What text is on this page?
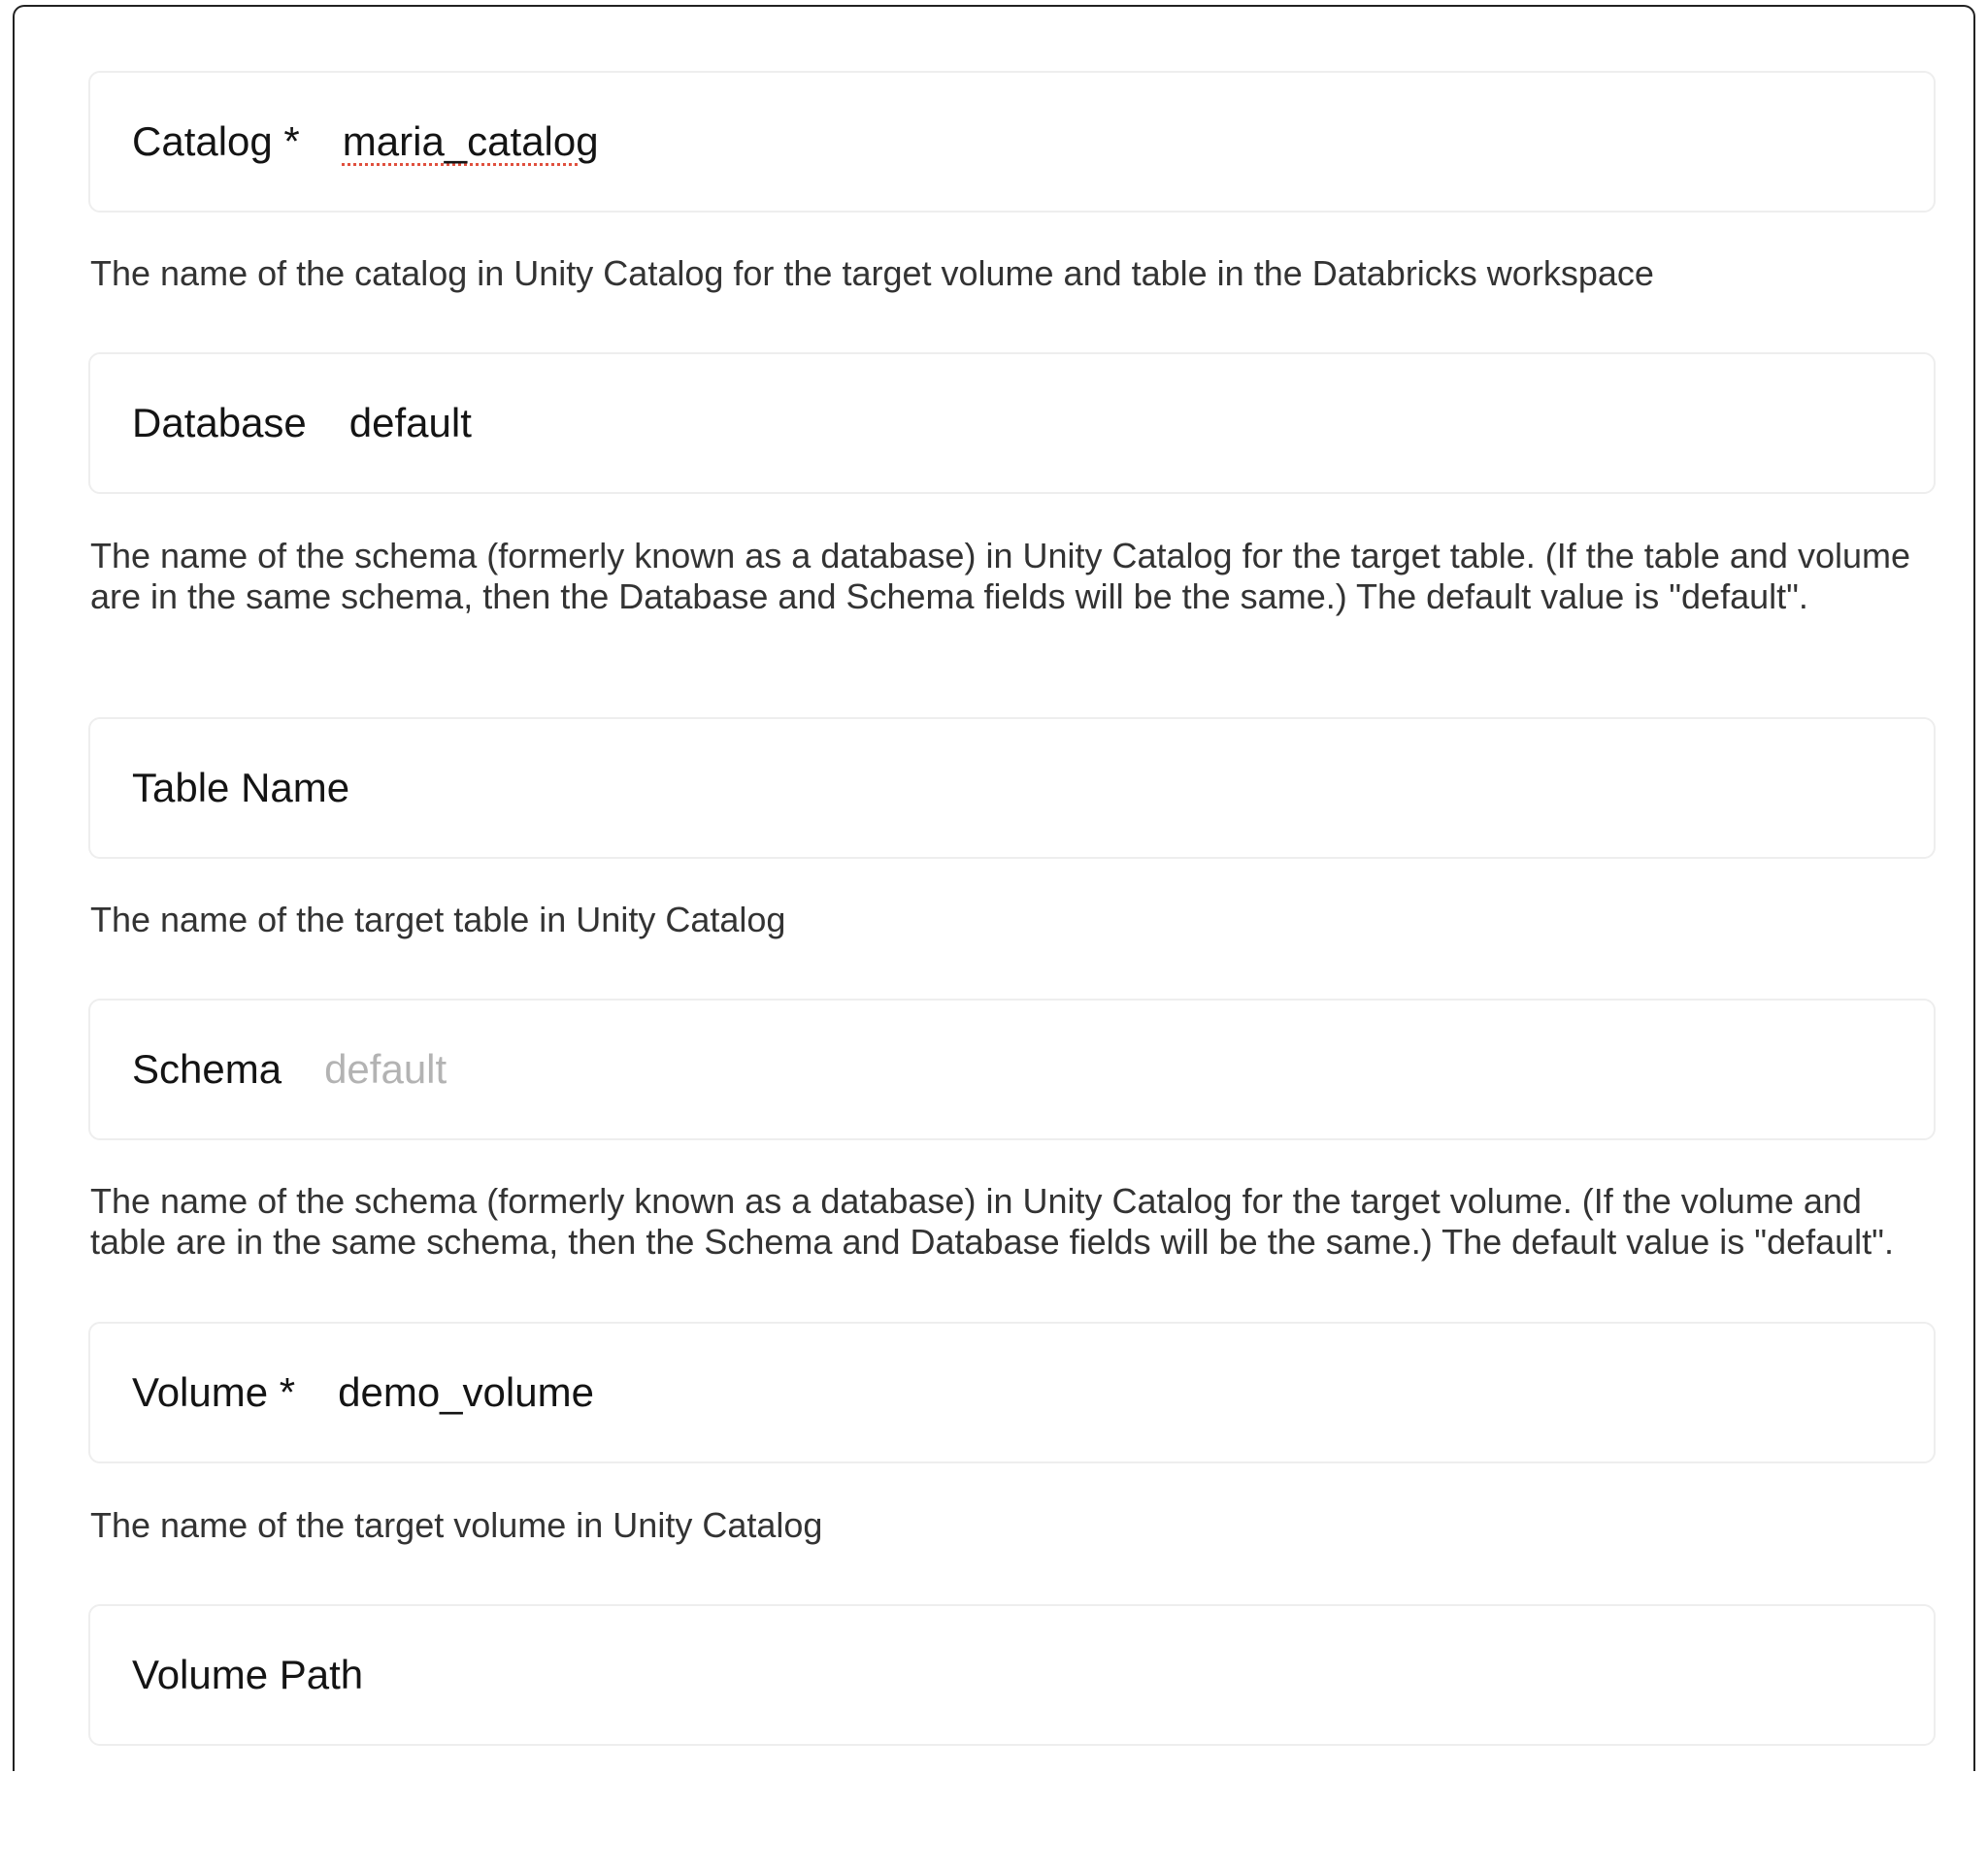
Catalog * maria_catalog
The name of the catalog in Unity Catalog for the target volume and table in the Databricks workspace
Database default
The name of the schema (formerly known as a database) in Unity Catalog for the target table. (If the table and volume are in the same schema, then the Database and Schema fields will be the same.) The default value is "default".
Table Name
The name of the target table in Unity Catalog
Schema default
The name of the schema (formerly known as a database) in Unity Catalog for the target volume. (If the volume and table are in the same schema, then the Schema and Database fields will be the same.) The default value is "default".
Volume * demo_volume
The name of the target volume in Unity Catalog
Volume Path
